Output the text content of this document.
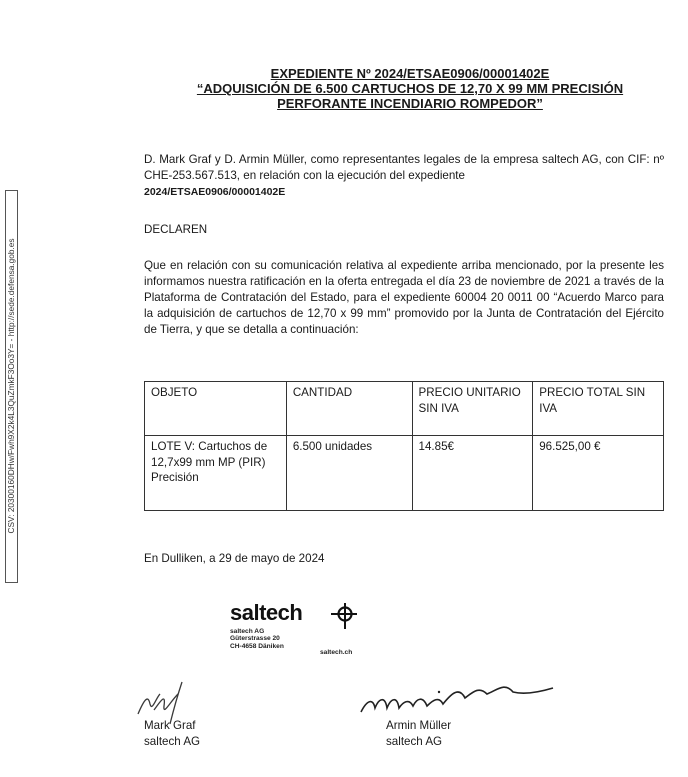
CSV: 20300160DHw/Fwh9X2k4L3QuZmkF3Oo3Y= - http://sede.defensa.gob.es
EXPEDIENTE Nº 2024/ETSAE0906/00001402E
“ADQUISICIÓN DE 6.500 CARTUCHOS DE 12,70 X 99 MM PRECISIÓN
PERFORANTE INCENDIARIO ROMPEDOR”
D. Mark Graf y D. Armin Müller, como representantes legales de la empresa saltech AG, con CIF: nº CHE-253.567.513, en relación con la ejecución del expediente
2024/ETSAE0906/00001402E
DECLAREN
Que en relación con su comunicación relativa al expediente arriba mencionado, por la presente les informamos nuestra ratificación en la oferta entregada el día 23 de noviembre de 2021 a través de la Plataforma de Contratación del Estado, para el expediente 60004 20 0011 00 “Acuerdo Marco para la adquisición de cartuchos de 12,70 x 99 mm” promovido por la Junta de Contratación del Ejército de Tierra, y que se detalla a continuación:
OBJETO	CANTIDAD	PRECIO UNITARIO SIN IVA	PRECIO TOTAL SIN IVA
LOTE V: Cartuchos de 12,7x99 mm MP (PIR) Precisión	6.500 unidades	14.85€	96.525,00 €
En Dulliken, a 29 de mayo de 2024
saltech
saltech AG
Güterstrasse 20
CH-4658 Däniken
saltech.ch
Mark Graf
saltech AG
Armin Müller
saltech AG
